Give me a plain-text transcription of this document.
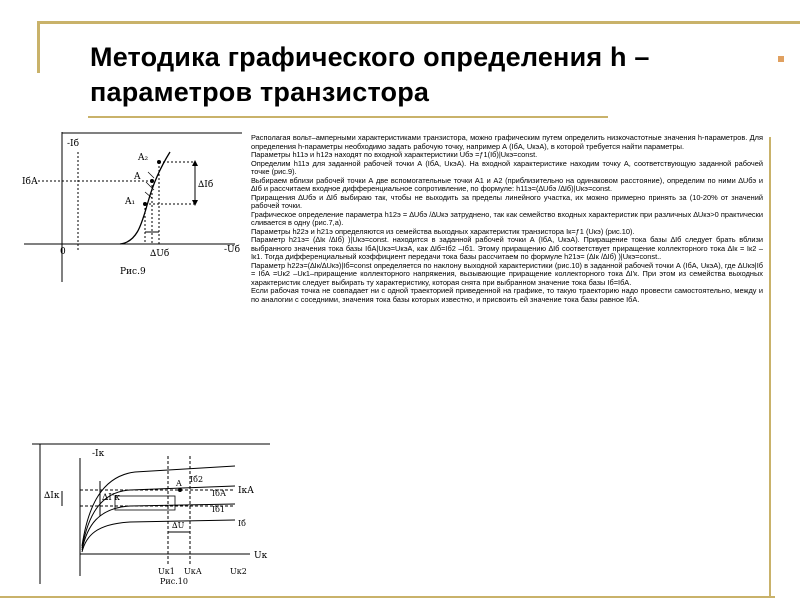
Методика графического определения h –
параметров транзистора
-Iб
-Uб
0
IбА	∆Iб
∆Uб
A
A₁
A₂
Рис.9

Располагая вольт–амперными характеристиками транзистора, можно графическим путем определить низкочастотные значения h-параметров. Для определения h-параметры необходимо задать рабочую точку, например А (IбА, UкэА), в которой требуется найти параметры.

Параметры h11э и h12э находят по входной характеристики Uбэ =ƒ1(Iб)|Uкэ=const.

Определим h11э для заданной рабочей точки А (IбА, UкэА). На входной характеристике находим точку А, соответствующую заданной рабочей точке (рис.9).

Выбираем вблизи рабочей точки А две вспомогательные точки А1 и А2 (приблизительно на одинаковом расстояние), определим по ними ∆Uбэ и ∆Iб и рассчитаем входное дифференциальное сопротивление, по формуле: h11э=(∆Uбэ /∆Iб)|Uкэ=const.

Приращения ∆Uбэ и ∆Iб выбираю так, чтобы не выходить за пределы линейного участка, их можно примерно принять за (10-20% от значений рабочей точки.

Графическое определение параметра h12э = ∆Uбэ /∆Uкэ затруднено, так как семейство входных характеристик при различных ∆Uкэ>0 практически сливается в одну (рис.7,а).

Параметры h22э и h21э определяются из семейства выходных характеристик транзистора Iк=ƒ1 (Uкэ) (рис.10).

Параметр h21э= (∆Iк /∆Iб) )|Uкэ=const. находится в заданной рабочей точки А (IбА, UкэА). Приращение тока базы ∆Iб следует брать вблизи выбранного значения тока базы IбА|Uкэ=UкэА, как ∆Iб=Iб2 –Iб1. Этому приращению ∆Iб соответствует приращение коллекторного тока ∆Iк = Iк2 –Iк1. Тогда дифференциальный коэффициент передачи тока базы рассчитаем по формуле h21э= (∆Iк /∆Iб) )|Uкэ=const..

Параметр h22э=(∆Iк/∆Uкэ)|Iб=const определяется по наклону выходной характеристики (рис.10) в заданной рабочей точки А (IбА, UкэА), где ∆Uкэ|Iб = IбА =Uк2 –Uк1–приращение коллекторного напряжения, вызывающие приращение коллекторного тока ∆I'к. При этом из семейства выходных характеристик следует выбирать ту характеристику, которая снята при выбранном значение тока базы Iб=IбА.

Если рабочая точка не совпадает ни с одной траекторией приведенной на графике, то такую траекторию надо провести самостоятельно, между и по аналогии с соседними, значения тока базы которых известно, и присвоить ей значение тока базы равное IбА.

-Iк
Uк
∆Iк	∆I'к
IкА
IбА
Iб2
Iб1
Iб
∆U
A
Uк1 UкА	Uк2
Рис.10
